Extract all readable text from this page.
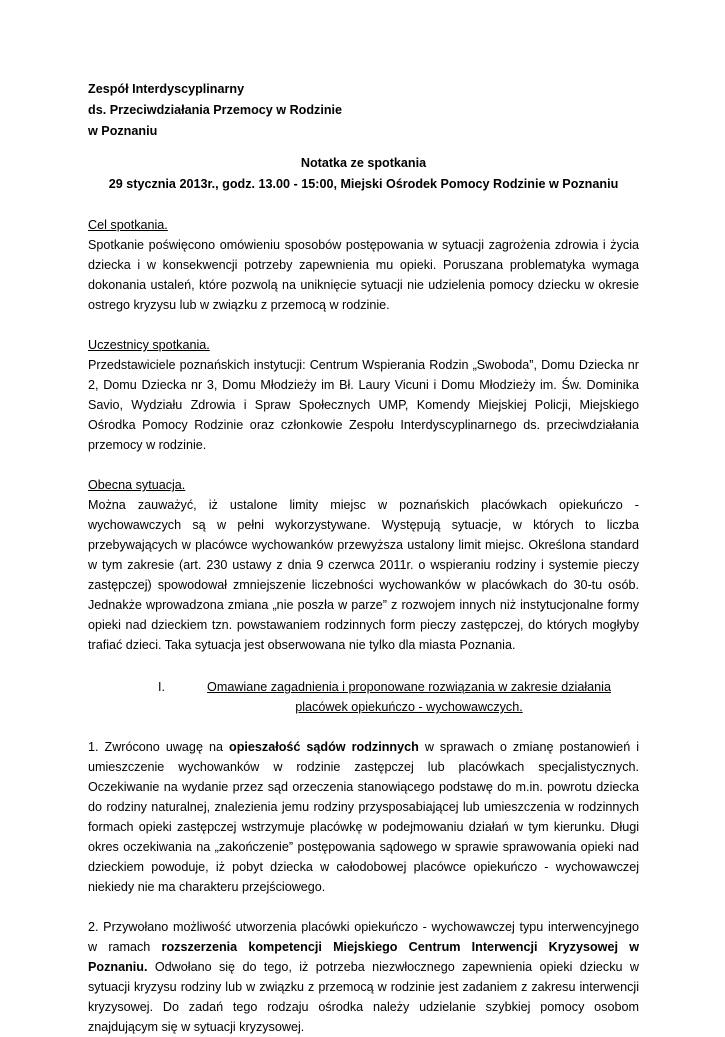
Zespół Interdyscyplinarny
ds. Przeciwdziałania Przemocy w Rodzinie
w Poznaniu
Notatka ze spotkania
29 stycznia 2013r., godz. 13.00 - 15:00, Miejski Ośrodek Pomocy Rodzinie w Poznaniu
Cel spotkania.
Spotkanie poświęcono omówieniu sposobów postępowania w sytuacji zagrożenia zdrowia i życia dziecka i w konsekwencji potrzeby zapewnienia mu opieki. Poruszana problematyka wymaga dokonania ustaleń, które pozwolą na uniknięcie sytuacji nie udzielenia pomocy dziecku w okresie ostrego kryzysu lub w związku z przemocą w rodzinie.
Uczestnicy spotkania.
Przedstawiciele poznańskich instytucji: Centrum Wspierania Rodzin „Swoboda”, Domu Dziecka nr 2, Domu Dziecka nr 3, Domu Młodzieży im Bł. Laury Vicuni i Domu Młodzieży im. Św. Dominika Savio, Wydziału Zdrowia i Spraw Społecznych UMP, Komendy Miejskiej Policji, Miejskiego Ośrodka Pomocy Rodzinie oraz członkowie Zespołu Interdyscyplinarnego ds. przeciwdziałania przemocy w rodzinie.
Obecna sytuacja.
Można zauważyć, iż ustalone limity miejsc w poznańskich placówkach opiekuńczo - wychowawczych są w pełni wykorzystywane. Występują sytuacje, w których to liczba przebywających w placówce wychowanków przewyższa ustalony limit miejsc. Określona standard w tym zakresie (art. 230 ustawy z dnia 9 czerwca 2011r. o wspieraniu rodziny i systemie pieczy zastępczej) spowodował zmniejszenie liczebności wychowanków w placówkach do 30-tu osób. Jednakże wprowadzona zmiana „nie poszła w parze” z rozwojem innych niż instytucjonalne formy opieki nad dzieckiem tzn. powstawaniem rodzinnych form pieczy zastępczej, do których mogłyby trafiać dzieci. Taka sytuacja jest obserwowana nie tylko dla miasta Poznania.
I.	Omawiane zagadnienia i proponowane rozwiązania w zakresie działania
placówek opiekuńczo - wychowawczych.
1. Zwrócono uwagę na opieszałość sądów rodzinnych w sprawach o zmianę postanowień i umieszczenie wychowanków w rodzinie zastępczej lub placówkach specjalistycznych. Oczekiwanie na wydanie przez sąd orzeczenia stanowiącego podstawę do m.in. powrotu dziecka do rodziny naturalnej, znalezienia jemu rodziny przysposabiającej lub umieszczenia w rodzinnych formach opieki zastępczej wstrzymuje placówkę w podejmowaniu działań w tym kierunku. Długi okres oczekiwania na „zakończenie” postępowania sądowego w sprawie sprawowania opieki nad dzieckiem powoduje, iż pobyt dziecka w całodobowej placówce opiekuńczo - wychowawczej niekiedy nie ma charakteru przejściowego.
2. Przywołano możliwość utworzenia placówki opiekuńczo - wychowawczej typu interwencyjnego w ramach rozszerzenia kompetencji Miejskiego Centrum Interwencji Kryzysowej w Poznaniu. Odwołano się do tego, iż potrzeba niezwłocznego zapewnienia opieki dziecku w sytuacji kryzysu rodziny lub w związku z przemocą w rodzinie jest zadaniem z zakresu interwencji kryzysowej. Do zadań tego rodzaju ośrodka należy udzielanie szybkiej pomocy osobom znajdującym się w sytuacji kryzysowej.
